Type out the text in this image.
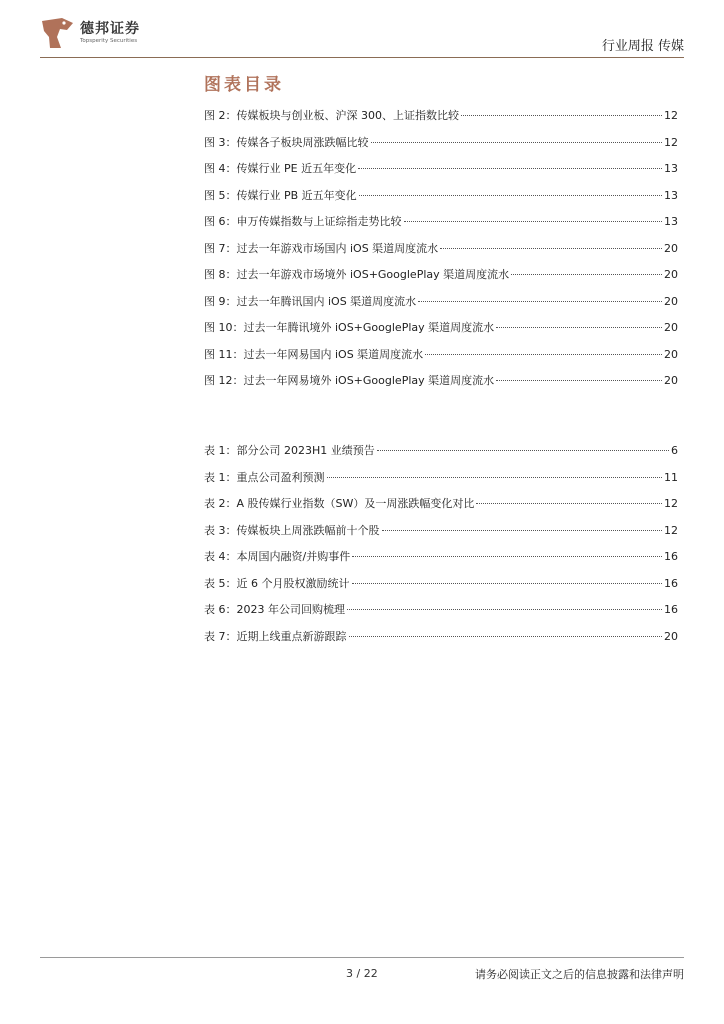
德邦证券
Topsperity Securities	行业周报 传媒
图表目录
图 2：传媒板块与创业板、沪深 300、上证指数比较	12
图 3：传媒各子板块周涨跌幅比较	12
图 4：传媒行业 PE 近五年变化	13
图 5：传媒行业 PB 近五年变化	13
图 6：申万传媒指数与上证综指走势比较	13
图 7：过去一年游戏市场国内 iOS 渠道周度流水	20
图 8：过去一年游戏市场境外 iOS+GooglePlay 渠道周度流水	20
图 9：过去一年腾讯国内 iOS 渠道周度流水	20
图 10：过去一年腾讯境外 iOS+GooglePlay 渠道周度流水	20
图 11：过去一年网易国内 iOS 渠道周度流水	20
图 12：过去一年网易境外 iOS+GooglePlay 渠道周度流水	20
表 1：部分公司 2023H1 业绩预告	6
表 1：重点公司盈利预测	11
表 2：A 股传媒行业指数（SW）及一周涨跌幅变化对比	12
表 3：传媒板块上周涨跌幅前十个股	12
表 4：本周国内融资/并购事件	16
表 5：近 6 个月股权激励统计	16
表 6：2023 年公司回购梳理	16
表 7：近期上线重点新游跟踪	20
3 / 22	请务必阅读正文之后的信息披露和法律声明
